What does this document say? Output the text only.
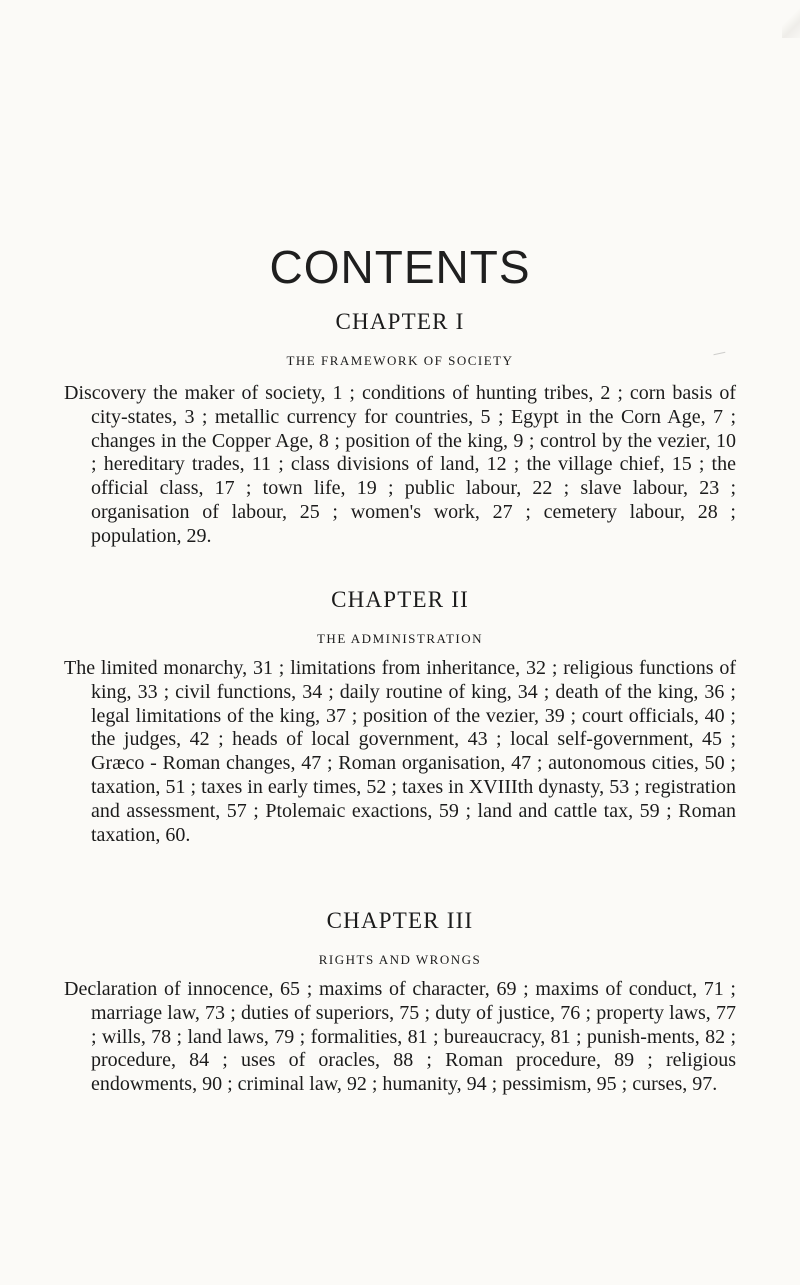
CONTENTS
CHAPTER I
THE FRAMEWORK OF SOCIETY

Discovery the maker of society, 1 ; conditions of hunting tribes, 2 ; corn basis of city-states, 3 ; metallic currency for countries, 5 ; Egypt in the Corn Age, 7 ; changes in the Copper Age, 8 ; position of the king, 9 ; control by the vezier, 10 ; hereditary trades, 11 ; class divisions of land, 12 ; the village chief, 15 ; the official class, 17 ; town life, 19 ; public labour, 22 ; slave labour, 23 ; organisation of labour, 25 ; women's work, 27 ; cemetery labour, 28 ; population, 29.

CHAPTER II
THE ADMINISTRATION

The limited monarchy, 31 ; limitations from inheritance, 32 ; religious functions of king, 33 ; civil functions, 34 ; daily routine of king, 34 ; death of the king, 36 ; legal limitations of the king, 37 ; position of the vezier, 39 ; court officials, 40 ; the judges, 42 ; heads of local government, 43 ; local self-government, 45 ; Græco - Roman changes, 47 ; Roman organisation, 47 ; autonomous cities, 50 ; taxation, 51 ; taxes in early times, 52 ; taxes in XVIIIth dynasty, 53 ; registration and assessment, 57 ; Ptolemaic exactions, 59 ; land and cattle tax, 59 ; Roman taxation, 60.

CHAPTER III
RIGHTS AND WRONGS

Declaration of innocence, 65 ; maxims of character, 69 ; maxims of conduct, 71 ; marriage law, 73 ; duties of superiors, 75 ; duty of justice, 76 ; property laws, 77 ; wills, 78 ; land laws, 79 ; formalities, 81 ; bureaucracy, 81 ; punish-ments, 82 ; procedure, 84 ; uses of oracles, 88 ; Roman procedure, 89 ; religious endowments, 90 ; criminal law, 92 ; humanity, 94 ; pessimism, 95 ; curses, 97.
